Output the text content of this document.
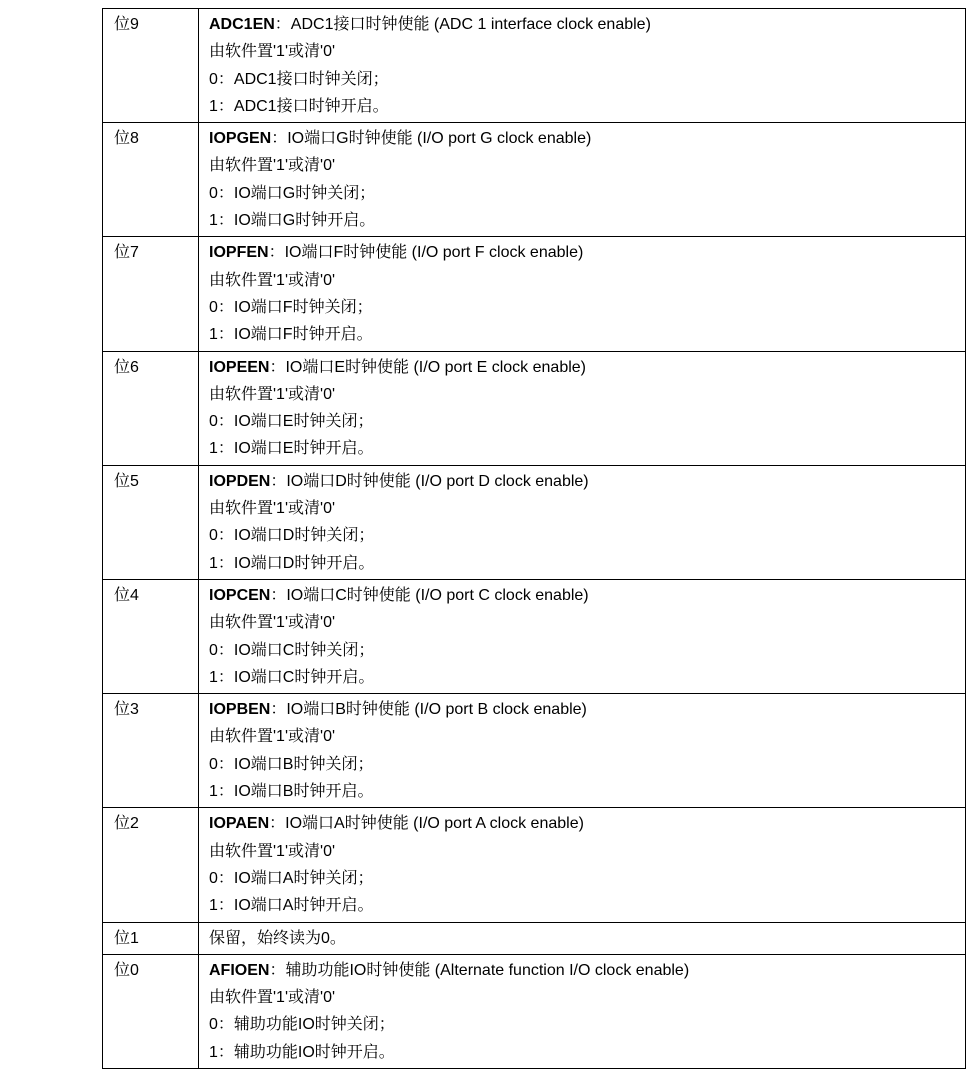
位9	ADC1EN：ADC1接口时钟使能 (ADC 1 interface clock enable)
由软件置'1'或清'0'
0：ADC1接口时钟关闭；
1：ADC1接口时钟开启。

位8	IOPGEN：IO端口G时钟使能 (I/O port G clock enable)
由软件置'1'或清'0'
0：IO端口G时钟关闭；
1：IO端口G时钟开启。

位7	IOPFEN：IO端口F时钟使能 (I/O port F clock enable)
由软件置'1'或清'0'
0：IO端口F时钟关闭；
1：IO端口F时钟开启。

位6	IOPEEN：IO端口E时钟使能 (I/O port E clock enable)
由软件置'1'或清'0'
0：IO端口E时钟关闭；
1：IO端口E时钟开启。

位5	IOPDEN：IO端口D时钟使能 (I/O port D clock enable)
由软件置'1'或清'0'
0：IO端口D时钟关闭；
1：IO端口D时钟开启。

位4	IOPCEN：IO端口C时钟使能 (I/O port C clock enable)
由软件置'1'或清'0'
0：IO端口C时钟关闭；
1：IO端口C时钟开启。

位3	IOPBEN：IO端口B时钟使能 (I/O port B clock enable)
由软件置'1'或清'0'
0：IO端口B时钟关闭；
1：IO端口B时钟开启。

位2	IOPAEN：IO端口A时钟使能 (I/O port A clock enable)
由软件置'1'或清'0'
0：IO端口A时钟关闭；
1：IO端口A时钟开启。

位1	保留，始终读为0。

位0	AFIOEN：辅助功能IO时钟使能 (Alternate function I/O clock enable)
由软件置'1'或清'0'
0：辅助功能IO时钟关闭；
1：辅助功能IO时钟开启。
